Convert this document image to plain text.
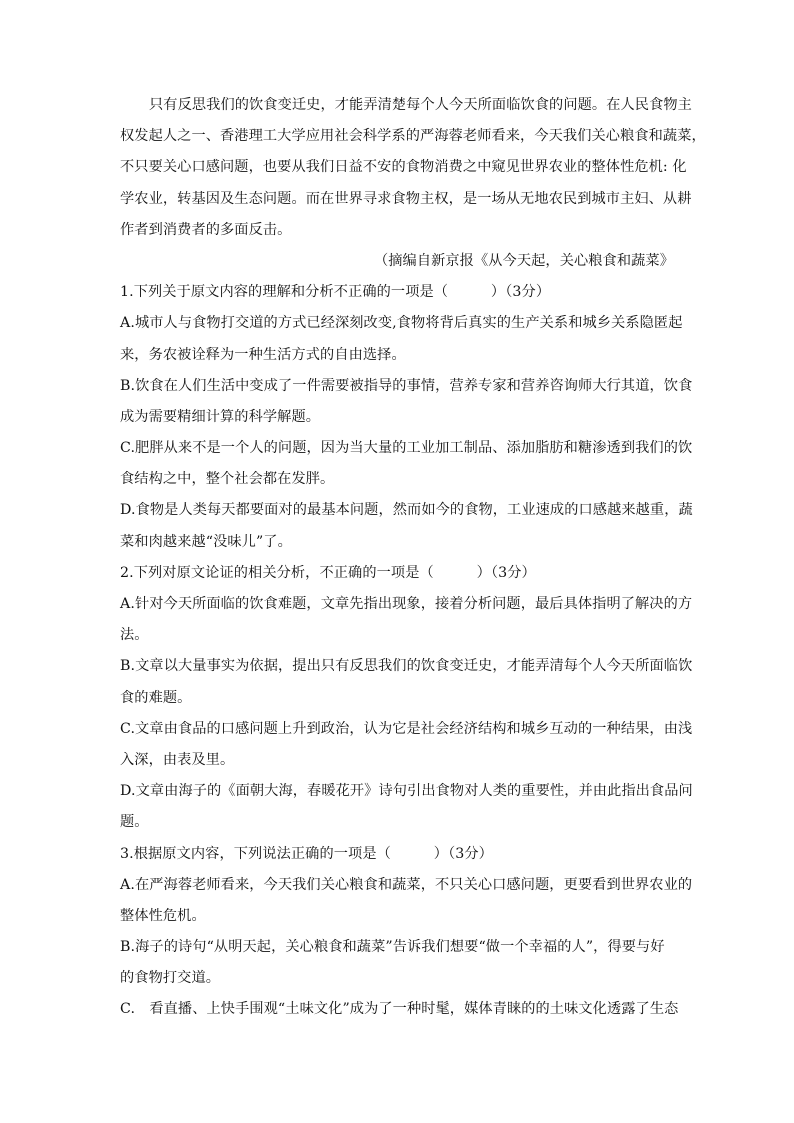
只有反思我们的饮食变迁史，才能弄清楚每个人今天所面临饮食的问题。在人民食物主
权发起人之一、香港理工大学应用社会科学系的严海蓉老师看来，今天我们关心粮食和蔬菜，
不只要关心口感问题，也要从我们日益不安的食物消费之中窥见世界农业的整体性危机: 化
学农业，转基因及生态问题。而在世界寻求食物主权，是一场从无地农民到城市主妇、从耕
作者到消费者的多面反击。
（摘编自新京报《从今天起，关心粮食和蔬菜》
1.下列关于原文内容的理解和分析不正确的一项是（　　　）（3分）
A.城市人与食物打交道的方式已经深刻改变,食物将背后真实的生产关系和城乡关系隐匿起
来，务农被诠释为一种生活方式的自由选择。
B.饮食在人们生活中变成了一件需要被指导的事情，营养专家和营养咨询师大行其道，饮食
成为需要精细计算的科学解题。
C.肥胖从来不是一个人的问题，因为当大量的工业加工制品、添加脂肪和糖渗透到我们的饮
食结构之中，整个社会都在发胖。
D.食物是人类每天都要面对的最基本问题，然而如今的食物，工业速成的口感越来越重，蔬
菜和肉越来越“没味儿”了。
2.下列对原文论证的相关分析，不正确的一项是（　　　）（3分）
A.针对今天所面临的饮食难题，文章先指出现象，接着分析问题，最后具体指明了解决的方
法。
B.文章以大量事实为依据，提出只有反思我们的饮食变迁史，才能弄清每个人今天所面临饮
食的难题。
C.文章由食品的口感问题上升到政治，认为它是社会经济结构和城乡互动的一种结果，由浅
入深，由表及里。
D.文章由海子的《面朝大海，春暖花开》诗句引出食物对人类的重要性，并由此指出食品问
题。
3.根据原文内容，下列说法正确的一项是（　　　）（3分）
A.在严海蓉老师看来，今天我们关心粮食和蔬菜，不只关心口感问题，更要看到世界农业的
整体性危机。
B.海子的诗句“从明天起，关心粮食和蔬菜”告诉我们想要“做一个幸福的人”，得要与好
的食物打交道。
C.　看直播、上快手围观“土味文化”成为了一种时髦，媒体青睐的的土味文化透露了生态
